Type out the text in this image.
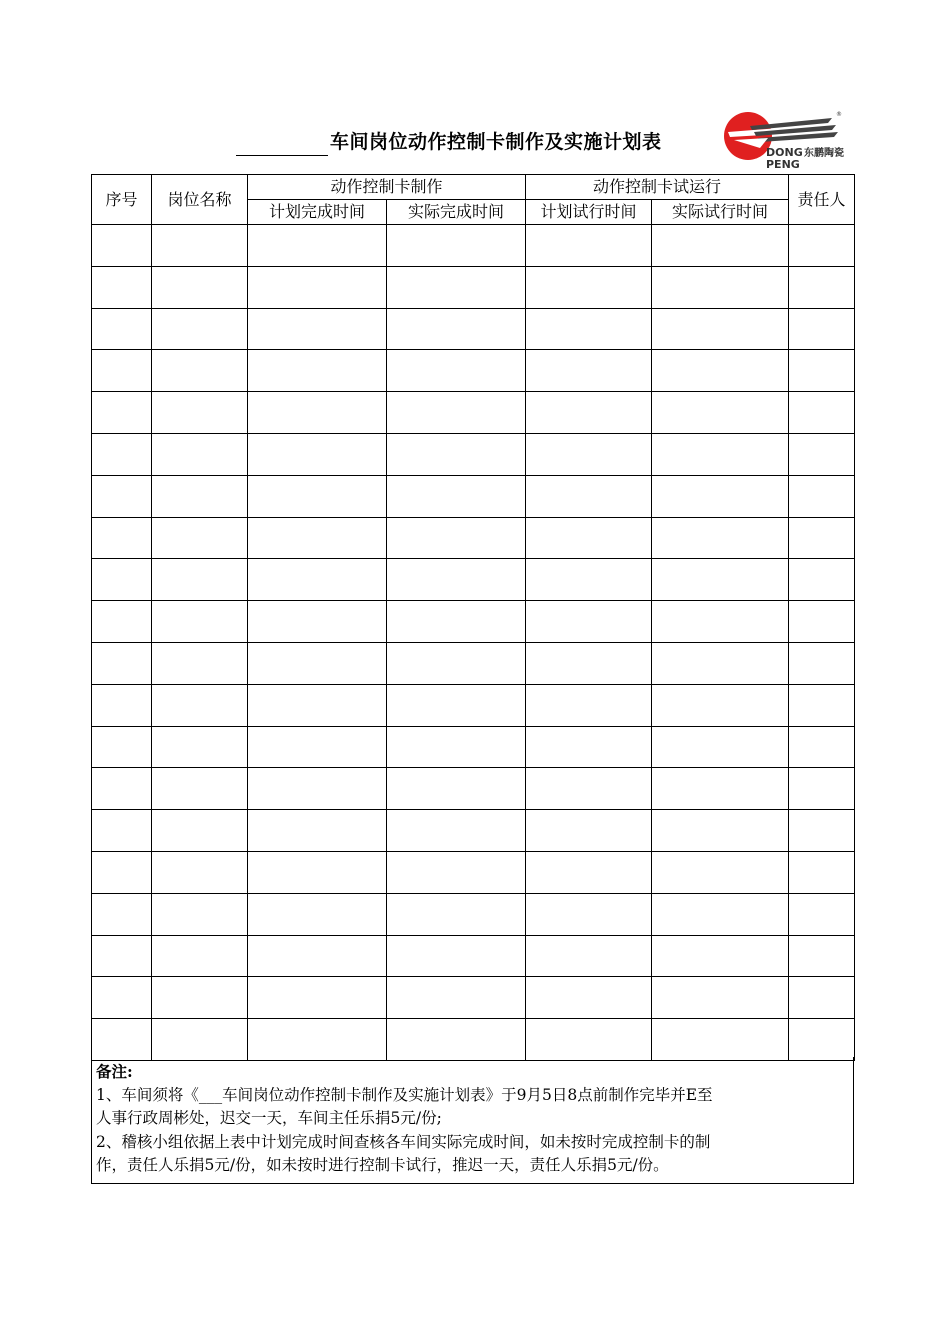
车间岗位动作控制卡制作及实施计划表	DONG
PENG
东鹏陶瓷
®
序号	岗位名称	动作控制卡制作		动作控制卡试运行		责任人
		计划完成时间	实际完成时间	计划试行时间	实际试行时间	

备注:
1、车间须将《___车间岗位动作控制卡制作及实施计划表》于9月5日8点前制作完毕并E至
人事行政周彬处，迟交一天，车间主任乐捐5元/份;
2、稽核小组依据上表中计划完成时间查核各车间实际完成时间，如未按时完成控制卡的制
作，责任人乐捐5元/份，如未按时进行控制卡试行，推迟一天，责任人乐捐5元/份。
